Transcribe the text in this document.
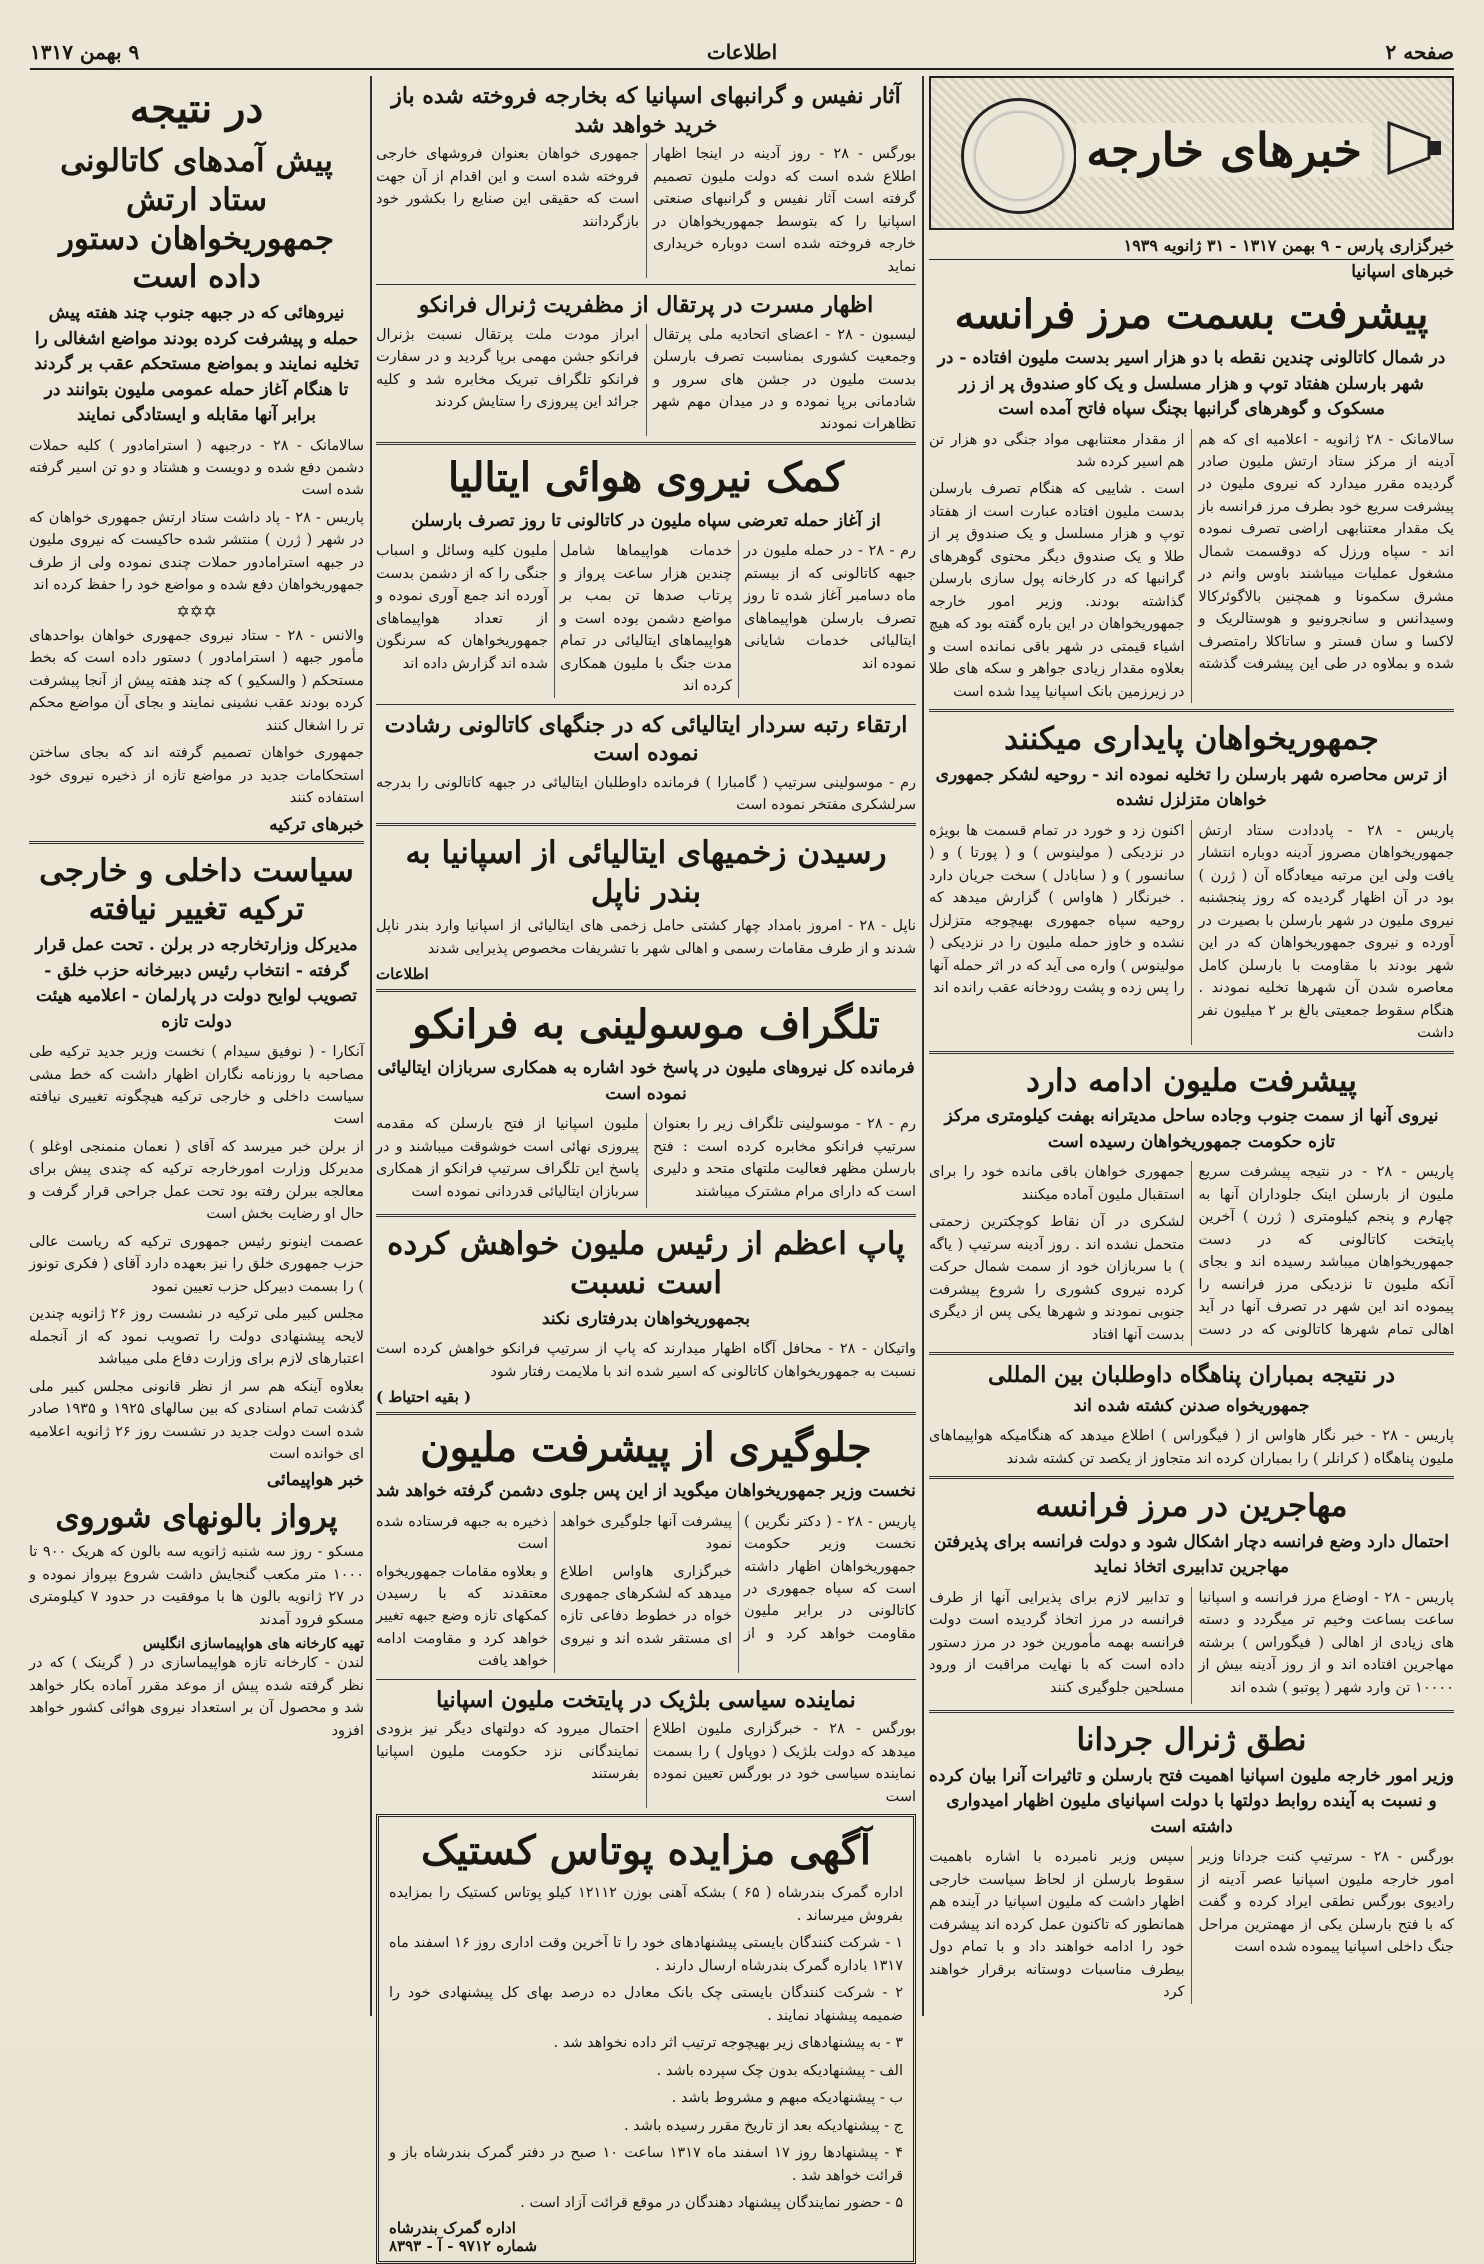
صفحه ۲
اطلاعات
۹ بهمن ۱۳۱۷
خبرهای خارجه
خبرگزاری پارس - ۹ بهمن ۱۳۱۷ - ۳۱ ژانویه ۱۹۳۹
خبرهای اسپانیا
پیشرفت بسمت مرز فرانسه
در شمال کاتالونی چندین نقطه با دو هزار اسیر بدست ملیون افتاده - در شهر بارسلن هفتاد توپ و هزار مسلسل و یک کاو صندوق پر از زر مسکوک و گوهرهای گرانبها بچنگ سپاه فاتح آمده است

سالامانک - ۲۸ ژانویه - اعلامیه ای که هم آدینه از مرکز ستاد ارتش ملیون صادر گردیده مقرر میدارد که نیروی ملیون در پیشرفت سریع خود بطرف مرز فرانسه باز یک مقدار معتنابهی اراضی تصرف نموده اند - سپاه ورزل که دوقسمت شمال مشغول عملیات میباشند باوس وانم در مشرق سکمونا و همچنین بالاگوئرکالا وسیدانس و سانجرونیو و هوستالریک و لاکسا و سان فستر و ساتاکلا رامتصرف شده و بملاوه در طی این پیشرفت گذشته از مقدار معتنابهی مواد جنگی دو هزار تن هم اسیر کرده شد

است . شاییی که هنگام تصرف بارسلن بدست ملیون افتاده عبارت است از هفتاد توپ و هزار مسلسل و یک صندوق پر از طلا و یک صندوق دیگر محتوی گوهرهای گرانبها که در کارخانه پول سازی بارسلن گذاشته بودند. وزیر امور خارجه جمهوریخواهان در این باره گفته بود که هیچ اشیاء قیمتی در شهر باقی نمانده است و بعلاوه مقدار زیادی جواهر و سکه های طلا در زیرزمین بانک اسپانیا پیدا شده است

جمهوریخواهان پایداری میکنند
از ترس محاصره شهر بارسلن را تخلیه نموده اند - روحیه لشکر جمهوری خواهان متزلزل نشده

پاریس - ۲۸ - پاددادت ستاد ارتش جمهوریخواهان مصروز آدینه دوباره انتشار یافت ولی این مرتبه میعادگاه آن ( ژرن ) بود در آن اظهار گردیده که روز پنجشنبه نیروی ملیون در شهر بارسلن با بصیرت در آورده و نیروی جمهوریخواهان که در این شهر بودند با مقاومت با بارسلن کامل معاصره شدن آن شهرها تخلیه نمودند . هنگام سقوط جمعیتی بالغ بر ۲ میلیون نفر داشت

اکنون زد و خورد در تمام قسمت ها بویژه در نزدیکی ( مولینوس ) و ( پورتا ) و ( سانسور ) و ( سابادل ) سخت جریان دارد . خبرنگار ( هاواس ) گزارش میدهد که روحیه سپاه جمهوری بهیچوجه متزلزل نشده و خاوز حمله ملیون را در نزدیکی ( مولینوس ) واره می آید که در اثر حمله آنها را پس زده و پشت رودخانه عقب رانده اند

پیشرفت ملیون ادامه دارد
نیروی آنها از سمت جنوب وجاده ساحل مدیترانه بهفت کیلومتری مرکز تازه حکومت جمهوریخواهان رسیده است

پاریس - ۲۸ - در نتیجه پیشرفت سریع ملیون از بارسلن اینک جلوداران آنها به چهارم و پنجم کیلومتری ( ژرن ) آخرین پایتخت کاتالونی که در دست جمهوریخواهان میباشد رسیده اند و بجای آنکه ملیون تا نزدیکی مرز فرانسه را پیموده اند این شهر در تصرف آنها در آید اهالی تمام شهرها کاتالونی که در دست جمهوری خواهان باقی مانده خود را برای استقبال ملیون آماده میکنند

لشکری در آن نقاط کوچکترین زحمتی متحمل نشده اند . روز آدینه سرتیپ ( یاگه ) با سربازان خود از سمت شمال حرکت کرده نیروی کشوری را شروع پیشرفت جنوبی نمودند و شهرها یکی پس از دیگری بدست آنها افتاد

در نتیجه بمباران پناهگاه داوطلبان بین المللی
جمهوریخواه صدنن کشته شده اند

پاریس - ۲۸ - خبر نگار هاواس از ( فیگوراس ) اطلاع میدهد که هنگامیکه هواپیماهای ملیون پناهگاه ( کرانلر ) را بمباران کرده اند متجاوز از یکصد تن کشته شدند

مهاجرین در مرز فرانسه
احتمال دارد وضع فرانسه دچار اشکال شود و دولت فرانسه برای پذیرفتن مهاجرین تدابیری اتخاذ نماید

پاریس - ۲۸ - اوضاع مرز فرانسه و اسپانیا ساعت بساعت وخیم تر میگردد و دسته های زیادی از اهالی ( فیگوراس ) برشته مهاجرین افتاده اند و از روز آدینه بیش از ۱۰۰۰۰ تن وارد شهر ( پوتبو ) شده اند

و تدابیر لازم برای پذیرایی آنها از طرف فرانسه در مرز اتخاذ گردیده است دولت فرانسه بهمه مأمورین خود در مرز دستور داده است که با نهایت مراقبت از ورود مسلحین جلوگیری کنند

نطق ژنرال جردانا
وزیر امور خارجه ملیون اسپانیا اهمیت فتح بارسلن و تاثیرات آنرا بیان کرده و نسبت به آینده روابط دولتها با دولت اسپانیای ملیون اظهار امیدواری داشته است

بورگس - ۲۸ - سرتیپ کنت جردانا وزیر امور خارجه ملیون اسپانیا عصر آدینه از رادیوی بورگس نطقی ایراد کرده و گفت که با فتح بارسلن یکی از مهمترین مراحل جنگ داخلی اسپانیا پیموده شده است

سپس وزیر نامبرده با اشاره باهمیت سقوط بارسلن از لحاظ سیاست خارجی اظهار داشت که ملیون اسپانیا در آینده هم همانطور که تاکنون عمل کرده اند پیشرفت خود را ادامه خواهند داد و با تمام دول بیطرف مناسبات دوستانه برقرار خواهند کرد

آثار نفیس و گرانبهای اسپانیا که بخارجه فروخته شده باز خرید خواهد شد

بورگس - ۲۸ - روز آدینه در اینجا اظهار اطلاع شده است که دولت ملیون تصمیم گرفته است آثار نفیس و گرانبهای صنعتی اسپانیا را که بتوسط جمهوریخواهان در خارجه فروخته شده است دوباره خریداری نماید

جمهوری خواهان بعنوان فروشهای خارجی فروخته شده است و این اقدام از آن جهت است که حقیقی این صنایع را بکشور خود بازگردانند

اظهار مسرت در پرتقال از مظفریت ژنرال فرانکو

لیسبون - ۲۸ - اعضای اتحادیه ملی پرتقال وجمعیت کشوری بمناسبت تصرف بارسلن بدست ملیون در جشن های سرور و شادمانی برپا نموده و در میدان مهم شهر تظاهرات نمودند

ابراز مودت ملت پرتقال نسبت بژنرال فرانکو جشن مهمی برپا گردید و در سفارت فرانکو تلگراف تبریک مخابره شد و کلیه جرائد این پیروزی را ستایش کردند

کمک نیروی هوائی ایتالیا
از آغاز حمله تعرضی سپاه ملیون در کاتالونی تا روز تصرف بارسلن

رم - ۲۸ - در حمله ملیون در جبهه کاتالونی که از بیستم ماه دسامبر آغاز شده تا روز تصرف بارسلن هواپیماهای ایتالیائی خدمات شایانی نموده اند

خدمات هواپیماها شامل چندین هزار ساعت پرواز و پرتاب صدها تن بمب بر مواضع دشمن بوده است و هواپیماهای ایتالیائی در تمام مدت جنگ با ملیون همکاری کرده اند

ملیون کلیه وسائل و اسباب جنگی را که از دشمن بدست آورده اند جمع آوری نموده و از تعداد هواپیماهای جمهوریخواهان که سرنگون شده اند گزارش داده اند

ارتقاء رتبه سردار ایتالیائی که در جنگهای کاتالونی رشادت نموده است

رم - موسولینی سرتیپ ( گامبارا ) فرمانده داوطلبان ایتالیائی در جبهه کاتالونی را بدرجه سرلشکری مفتخر نموده است

رسیدن زخمیهای ایتالیائی از اسپانیا به بندر ناپل

ناپل - ۲۸ - امروز بامداد چهار کشتی حامل زخمی های ایتالیائی از اسپانیا وارد بندر ناپل شدند و از طرف مقامات رسمی و اهالی شهر با تشریفات مخصوص پذیرایی شدند

اطلاعات
تلگراف موسولینی به فرانکو
فرمانده کل نیروهای ملیون در پاسخ خود اشاره به همکاری سربازان ایتالیائی نموده است

رم - ۲۸ - موسولینی تلگراف زیر را بعنوان سرتیپ فرانکو مخابره کرده است : فتح بارسلن مظهر فعالیت ملتهای متحد و دلیری است که دارای مرام مشترک میباشند

ملیون اسپانیا از فتح بارسلن که مقدمه پیروزی نهائی است خوشوقت میباشند و در پاسخ این تلگراف سرتیپ فرانکو از همکاری سربازان ایتالیائی قدردانی نموده است

پاپ اعظم از رئیس ملیون خواهش کرده است نسبت
بجمهوریخواهان بدرفتاری نکند

واتیکان - ۲۸ - محافل آگاه اظهار میدارند که پاپ از سرتیپ فرانکو خواهش کرده است نسبت به جمهوریخواهان کاتالونی که اسیر شده اند با ملایمت رفتار شود

( بقیه احتیاط )
جلوگیری از پیشرفت ملیون
نخست وزیر جمهوریخواهان میگوید از این پس جلوی دشمن گرفته خواهد شد

پاریس - ۲۸ - ( دکتر نگرین ) نخست وزیر حکومت جمهوریخواهان اظهار داشته است که سپاه جمهوری در کاتالونی در برابر ملیون مقاومت خواهد کرد و از پیشرفت آنها جلوگیری خواهد نمود

خبرگزاری هاواس اطلاع میدهد که لشکرهای جمهوری خواه در خطوط دفاعی تازه ای مستقر شده اند و نیروی ذخیره به جبهه فرستاده شده است

و بعلاوه مقامات جمهوریخواه معتقدند که با رسیدن کمکهای تازه وضع جبهه تغییر خواهد کرد و مقاومت ادامه خواهد یافت

نماینده سیاسی بلژیک در پایتخت ملیون اسپانیا

بورگس - ۲۸ - خبرگزاری ملیون اطلاع میدهد که دولت بلژیک ( دوپاول ) را بسمت نماینده سیاسی خود در بورگس تعیین نموده است

احتمال میرود که دولتهای دیگر نیز بزودی نمایندگانی نزد حکومت ملیون اسپانیا بفرستند

آگهی مزایده پوتاس کستیک

اداره گمرک بندرشاه ( ۶۵ ) بشکه آهنی بوزن ۱۲۱۱۲ کیلو پوتاس کستیک را بمزایده بفروش میرساند .

۱ - شرکت کنندگان بایستی پیشنهادهای خود را تا آخرین وقت اداری روز ۱۶ اسفند ماه ۱۳۱۷ باداره گمرک بندرشاه ارسال دارند .

۲ - شرکت کنندگان بایستی چک بانک معادل ده درصد بهای کل پیشنهادی خود را ضمیمه پیشنهاد نمایند .

۳ - به پیشنهادهای زیر بهیچوجه ترتیب اثر داده نخواهد شد .

الف - پیشنهادیکه بدون چک سپرده باشد .

ب - پیشنهادیکه مبهم و مشروط باشد .

ج - پیشنهادیکه بعد از تاریخ مقرر رسیده باشد .

۴ - پیشنهادها روز ۱۷ اسفند ماه ۱۳۱۷ ساعت ۱۰ صبح در دفتر گمرک بندرشاه باز و قرائت خواهد شد .

۵ - حضور نمایندگان پیشنهاد دهندگان در موقع قرائت آزاد است .

اداره گمرک بندرشاه
شماره ۹۷۱۲ - آ - ۸۳۹۳
در نتیجه
پیش آمدهای کاتالونی ستاد ارتش جمهوریخواهان دستور داده است
نیروهائی که در جبهه جنوب چند هفته پیش حمله و پیشرفت کرده بودند مواضع اشغالی را تخلیه نمایند و بمواضع مستحکم عقب بر گردند تا هنگام آغاز حمله عمومی ملیون بتوانند در برابر آنها مقابله و ایستادگی نمایند

سالامانک - ۲۸ - درجبهه ( استرامادور ) کلیه حملات دشمن دفع شده و دویست و هشتاد و دو تن اسیر گرفته شده است

پاریس - ۲۸ - پاد داشت ستاد ارتش جمهوری خواهان که در شهر ( ژرن ) منتشر شده حاکیست که نیروی ملیون در جبهه استرامادور حملات چندی نموده ولی از طرف جمهوریخواهان دفع شده و مواضع خود را حفظ کرده اند

✡✡✡

والانس - ۲۸ - ستاد نیروی جمهوری خواهان بواحدهای مأمور جبهه ( استرامادور ) دستور داده است که بخط مستحکم ( والسکیو ) که چند هفته پیش از آنجا پیشرفت کرده بودند عقب نشینی نمایند و بجای آن مواضع محکم تر را اشغال کنند

جمهوری خواهان تصمیم گرفته اند که بجای ساختن استحکامات جدید در مواضع تازه از ذخیره نیروی خود استفاده کنند

خبرهای ترکیه
سیاست داخلی و خارجی ترکیه تغییر نیافته
مدیرکل وزارتخارجه در برلن . تحت عمل قرار گرفته - انتخاب رئیس دبیرخانه حزب خلق - تصویب لوایح دولت در پارلمان - اعلامیه هیئت دولت تازه

آنکارا - ( نوفیق سیدام ) نخست وزیر جدید ترکیه طی مصاحبه با روزنامه نگاران اظهار داشت که خط مشی سیاست داخلی و خارجی ترکیه هیچگونه تغییری نیافته است

از برلن خبر میرسد که آقای ( نعمان منمنجی اوغلو ) مدیرکل وزارت امورخارجه ترکیه که چندی پیش برای معالجه ببرلن رفته بود تحت عمل جراحی قرار گرفت و حال او رضایت بخش است

عصمت اینونو رئیس جمهوری ترکیه که ریاست عالی حزب جمهوری خلق را نیز بعهده دارد آقای ( فکری تونوز ) را بسمت دبیرکل حزب تعیین نمود

مجلس کبیر ملی ترکیه در نشست روز ۲۶ ژانویه چندین لایحه پیشنهادی دولت را تصویب نمود که از آنجمله اعتبارهای لازم برای وزارت دفاع ملی میباشد

بعلاوه آینکه هم سر از نظر قانونی مجلس کبیر ملی گذشت تمام اسنادی که بین سالهای ۱۹۲۵ و ۱۹۳۵ صادر شده است دولت جدید در نشست روز ۲۶ ژانویه اعلامیه ای خوانده است

خبر هواپیمائی
پرواز بالونهای شوروی

مسکو - روز سه شنبه ژانویه سه بالون که هریک ۹۰۰ تا ۱۰۰۰ متر مکعب گنجایش داشت شروع بپرواز نموده و در ۲۷ ژانویه بالون ها با موفقیت در حدود ۷ کیلومتری مسکو فرود آمدند

تهیه کارخانه های هواپیماسازی انگلیس

لندن - کارخانه تازه هواپیماسازی در ( گرینک ) که در نظر گرفته شده پیش از موعد مقرر آماده بکار خواهد شد و محصول آن بر استعداد نیروی هوائی کشور خواهد افزود
